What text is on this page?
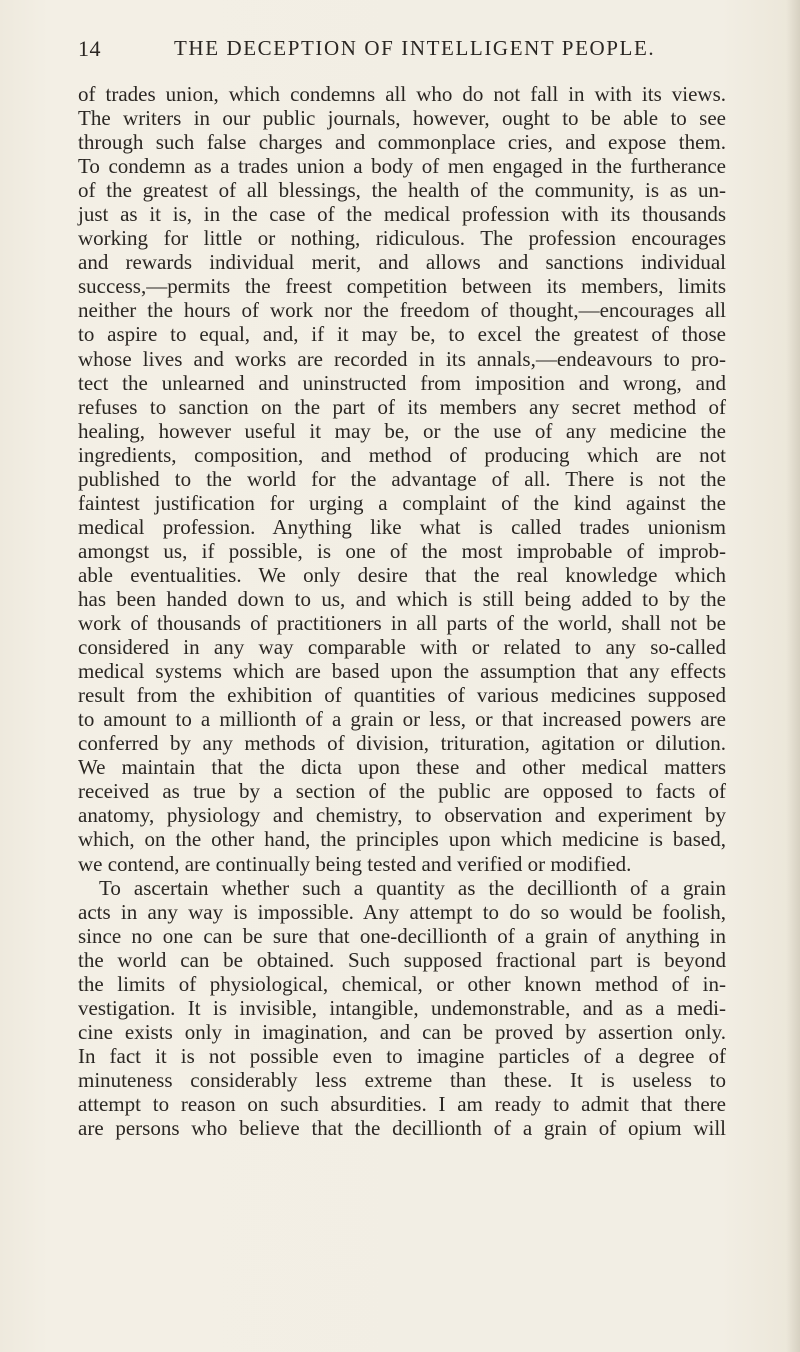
14	THE DECEPTION OF INTELLIGENT PEOPLE.
of trades union, which condemns all who do not fall in with its views.
The writers in our public journals, however, ought to be able to see
through such false charges and commonplace cries, and expose them.
To condemn as a trades union a body of men engaged in the furtherance
of the greatest of all blessings, the health of the community, is as un-
just as it is, in the case of the medical profession with its thousands
working for little or nothing, ridiculous. The profession encourages
and rewards individual merit, and allows and sanctions individual
success,—permits the freest competition between its members, limits
neither the hours of work nor the freedom of thought,—encourages all
to aspire to equal, and, if it may be, to excel the greatest of those
whose lives and works are recorded in its annals,—endeavours to pro-
tect the unlearned and uninstructed from imposition and wrong, and
refuses to sanction on the part of its members any secret method of
healing, however useful it may be, or the use of any medicine the
ingredients, composition, and method of producing which are not
published to the world for the advantage of all. There is not the
faintest justification for urging a complaint of the kind against the
medical profession. Anything like what is called trades unionism
amongst us, if possible, is one of the most improbable of improb-
able eventualities. We only desire that the real knowledge which
has been handed down to us, and which is still being added to by the
work of thousands of practitioners in all parts of the world, shall not be
considered in any way comparable with or related to any so-called
medical systems which are based upon the assumption that any effects
result from the exhibition of quantities of various medicines supposed
to amount to a millionth of a grain or less, or that increased powers are
conferred by any methods of division, trituration, agitation or dilution.
We maintain that the dicta upon these and other medical matters
received as true by a section of the public are opposed to facts of
anatomy, physiology and chemistry, to observation and experiment by
which, on the other hand, the principles upon which medicine is based,
we contend, are continually being tested and verified or modified.
To ascertain whether such a quantity as the decillionth of a grain
acts in any way is impossible. Any attempt to do so would be foolish,
since no one can be sure that one-decillionth of a grain of anything in
the world can be obtained. Such supposed fractional part is beyond
the limits of physiological, chemical, or other known method of in-
vestigation. It is invisible, intangible, undemonstrable, and as a medi-
cine exists only in imagination, and can be proved by assertion only.
In fact it is not possible even to imagine particles of a degree of
minuteness considerably less extreme than these. It is useless to
attempt to reason on such absurdities. I am ready to admit that there
are persons who believe that the decillionth of a grain of opium will
